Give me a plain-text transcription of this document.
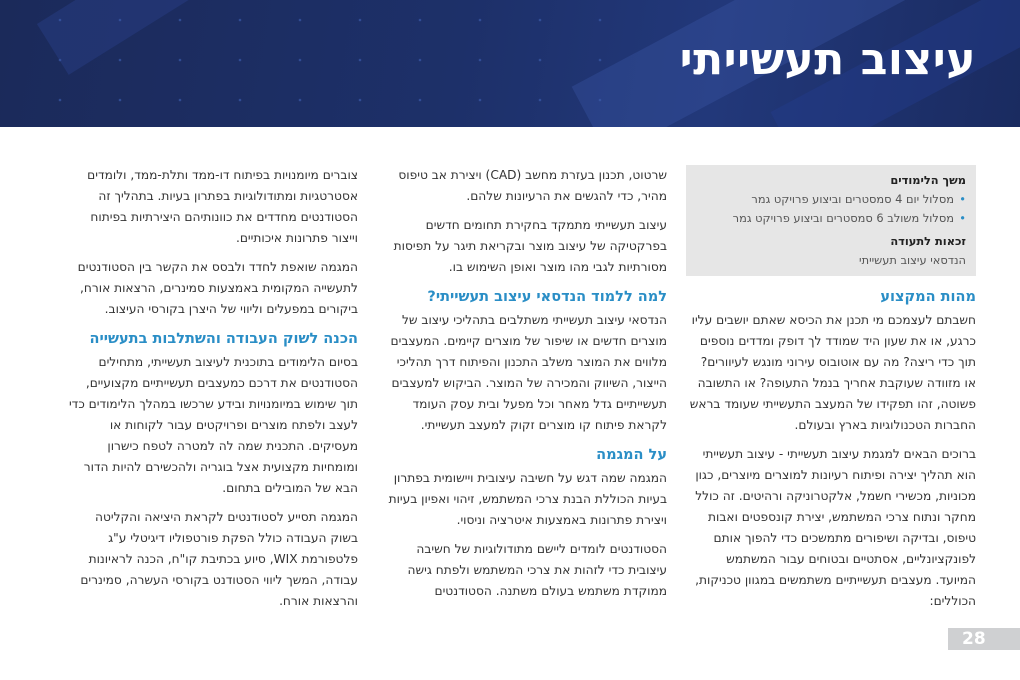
עיצוב תעשייתי
משך הלימודים
• מסלול יום 4 סמסטרים וביצוע פרויקט גמר
• מסלול משולב 6 סמסטרים וביצוע פרויקט גמר
זכאות לתעודה
הנדסאי עיצוב תעשייתי
מהות המקצוע

חשבתם לעצמכם מי תכנן את הכיסא שאתם יושבים עליו כרגע, או את שעון היד שמודד לך דופק ומדדים נוספים תוך כדי ריצה? מה עם אוטובוס עירוני מונגש לעיוורים? או מזוודה שעוקבת אחריך בנמל התעופה? או התשובה פשוטה, זהו תפקידו של המעצב התעשייתי שעומד בראש החברות הטכנולוגיות בארץ ובעולם.

ברוכים הבאים למגמת עיצוב תעשייתי - עיצוב תעשייתי הוא תהליך יצירה ופיתוח רעיונות למוצרים מיוצרים, כגון מכוניות, מכשירי חשמל, אלקטרוניקה ורהיטים. זה כולל מחקר ונתוח צרכי המשתמש, יצירת קונספטים ואבות טיפוס, ובדיקה ושיפורים מתמשכים כדי להפוך אותם לפונקציונליים, אסתטיים ובטוחים עבור המשתמש המיועד. מעצבים תעשייתיים משתמשים במגוון טכניקות, הכוללים:

שרטוט, תכנון בעזרת מחשב (CAD) ויצירת אב טיפוס מהיר, כדי להגשים את הרעיונות שלהם.

עיצוב תעשייתי מתמקד בחקירת תחומים חדשים בפרקטיקה של עיצוב מוצר ובקריאת תיגר על תפיסות מסורתיות לגבי מהו מוצר ואופן השימוש בו.

למה ללמוד הנדסאי עיצוב תעשייתי?

הנדסאי עיצוב תעשייתי משתלבים בתהליכי עיצוב של מוצרים חדשים או שיפור של מוצרים קיימים. המעצבים מלווים את המוצר משלב התכנון והפיתוח דרך תהליכי הייצור, השיווק והמכירה של המוצר. הביקוש למעצבים תעשייתיים גדל מאחר וכל מפעל ובית עסק העומד לקראת פיתוח קו מוצרים זקוק למעצב תעשייתי.

על המגמה

המגמה שמה דגש על חשיבה עיצובית ויישומית בפתרון בעיות הכוללת הבנת צרכי המשתמש, זיהוי ואפיון בעיות ויצירת פתרונות באמצעות איטרציה וניסוי.

הסטודנטים לומדים ליישם מתודולוגיות של חשיבה עיצובית כדי לזהות את צרכי המשתמש ולפתח גישה ממוקדת משתמש בעולם משתנה. הסטודנטים

צוברים מיומנויות בפיתוח דו-ממד ותלת-ממד, ולומדים אסטרטגיות ומתודולוגיות בפתרון בעיות. בתהליך זה הסטודנטים מחדדים את כוונותיהם היצירתיות בפיתוח וייצור פתרונות איכותיים.

המגמה שואפת לחדד ולבסס את הקשר בין הסטודנטים לתעשייה המקומית באמצעות סמינרים, הרצאות אורח, ביקורים במפעלים וליווי של היצרן בקורסי העיצוב.

הכנה לשוק העבודה והשתלבות בתעשייה

בסיום הלימודים בתוכנית לעיצוב תעשייתי, מתחילים הסטודנטים את דרכם כמעצבים תעשייתיים מקצועיים, תוך שימוש במיומנויות ובידע שרכשו במהלך הלימודים כדי לעצב ולפתח מוצרים ופרויקטים עבור לקוחות או מעסיקים. התכנית שמה לה למטרה לטפח כישרון ומומחיות מקצועית אצל בוגריה ולהכשירם להיות הדור הבא של המובילים בתחום.

המגמה תסייע לסטודנטים לקראת היציאה והקליטה בשוק העבודה כולל הפקת פורטפוליו דיגיטלי ע"ג פלטפורמת WIX, סיוע בכתיבת קו"ח, הכנה לראיונות עבודה, המשך ליווי הסטודנט בקורסי העשרה, סמינרים והרצאות אורח.

28
